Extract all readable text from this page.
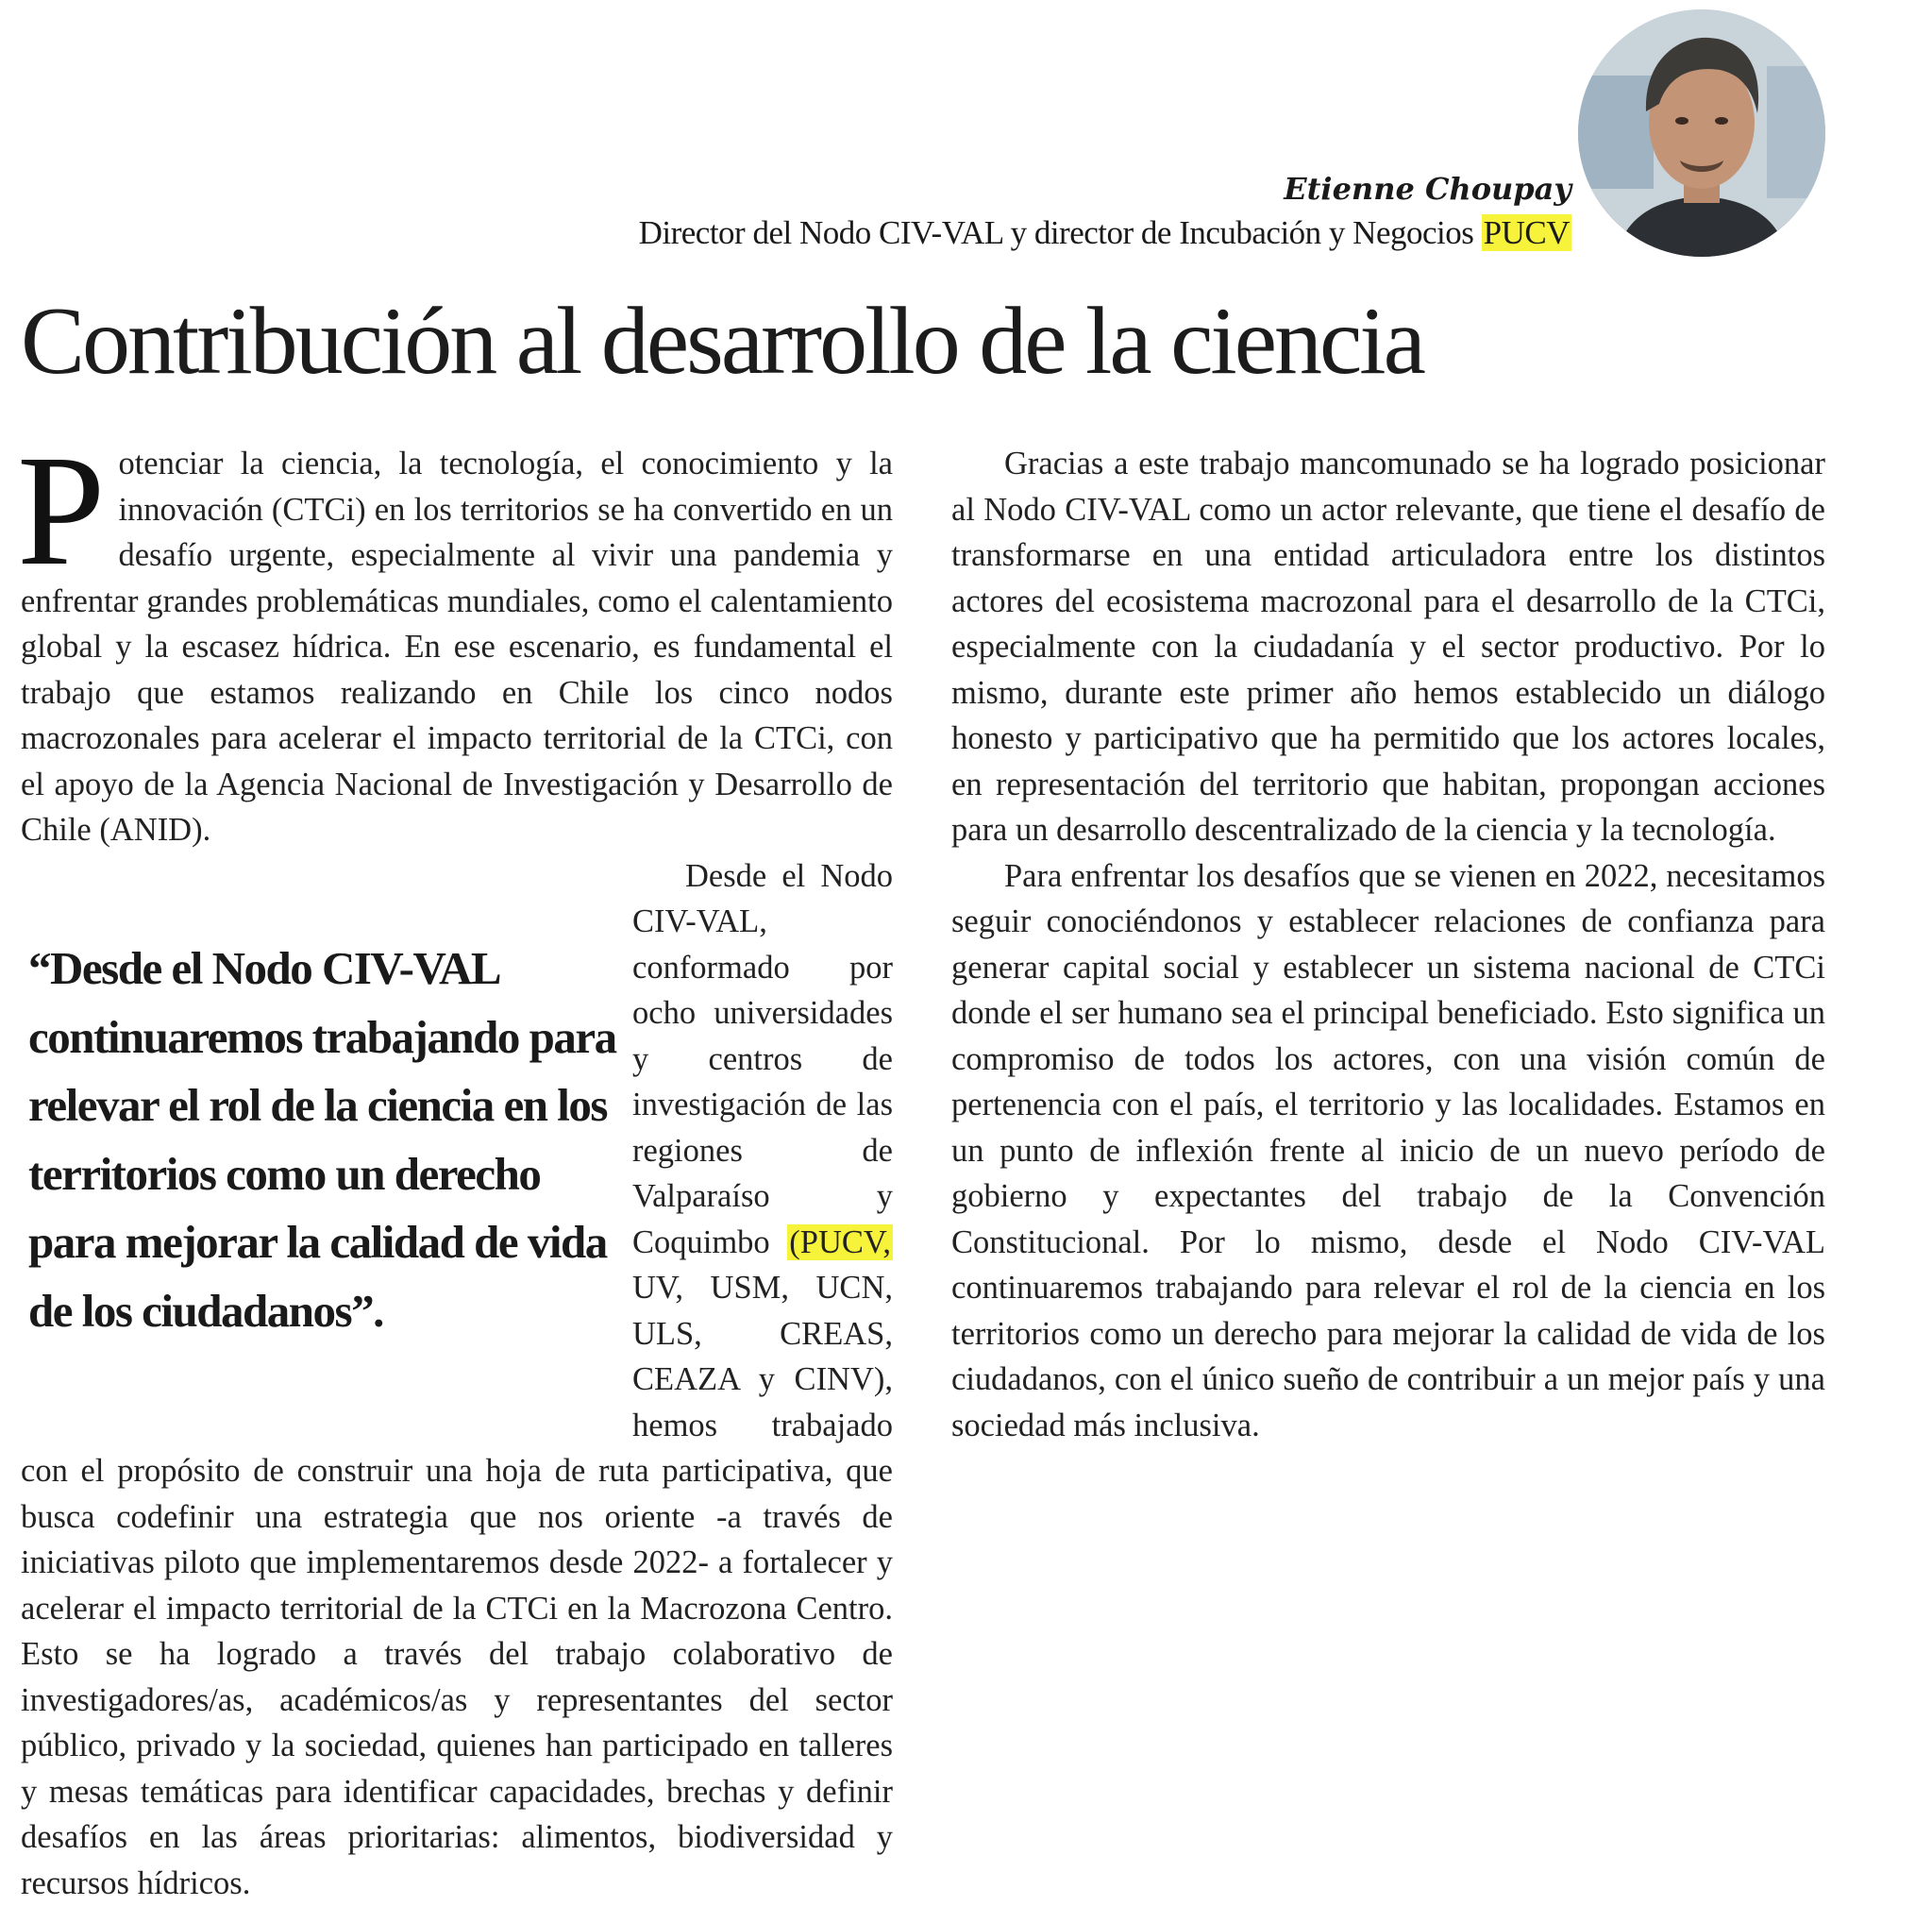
Etienne Choupay
Director del Nodo CIV-VAL y director de Incubación y Negocios PUCV
Contribución al desarrollo de la ciencia

Potenciar la ciencia, la tecnología, el conocimiento y la innovación (CTCi) en los territorios se ha convertido en un desafío urgente, especialmente al vivir una pandemia y enfrentar grandes problemáticas mundiales, como el calentamiento global y la escasez hídrica. En ese escenario, es fundamental el trabajo que estamos realizando en Chile los cinco nodos macrozonales para acelerar el impacto territorial de la CTCi, con el apoyo de la Agencia Nacional de Investigación y Desarrollo de Chile (ANID).

Desde el Nodo CIV-VAL, conformado por ocho universidades y centros de investigación de las regiones de Valparaíso y Coquimbo (PUCV, UV, USM, UCN, ULS, CREAS, CEAZA y CINV), hemos trabajado con el propósito de construir una hoja de ruta participativa, que busca codefinir una estrategia que nos oriente -a través de iniciativas piloto que implementaremos desde 2022- a fortalecer y acelerar el impacto territorial de la CTCi en la Macrozona Centro. Esto se ha logrado a través del trabajo colaborativo de investigadores/as, académicos/as y representantes del sector público, privado y la sociedad, quienes han participado en talleres y mesas temáticas para identificar capacidades, brechas y definir desafíos en las áreas prioritarias: alimentos, biodiversidad y recursos hídricos.

“Desde el Nodo CIV-VAL continuaremos trabajando para relevar el rol de la ciencia en los territorios como un derecho para mejorar la calidad de vida de los ciudadanos”.

Gracias a este trabajo mancomunado se ha logrado posicionar al Nodo CIV-VAL como un actor relevante, que tiene el desafío de transformarse en una entidad articuladora entre los distintos actores del ecosistema macrozonal para el desarrollo de la CTCi, especialmente con la ciudadanía y el sector productivo. Por lo mismo, durante este primer año hemos establecido un diálogo honesto y participativo que ha permitido que los actores locales, en representación del territorio que habitan, propongan acciones para un desarrollo descentralizado de la ciencia y la tecnología.

Para enfrentar los desafíos que se vienen en 2022, necesitamos seguir conociéndonos y establecer relaciones de confianza para generar capital social y establecer un sistema nacional de CTCi donde el ser humano sea el principal beneficiado. Esto significa un compromiso de todos los actores, con una visión común de pertenencia con el país, el territorio y las localidades. Estamos en un punto de inflexión frente al inicio de un nuevo período de gobierno y expectantes del trabajo de la Convención Constitucional. Por lo mismo, desde el Nodo CIV-VAL continuaremos trabajando para relevar el rol de la ciencia en los territorios como un derecho para mejorar la calidad de vida de los ciudadanos, con el único sueño de contribuir a un mejor país y una sociedad más inclusiva.
